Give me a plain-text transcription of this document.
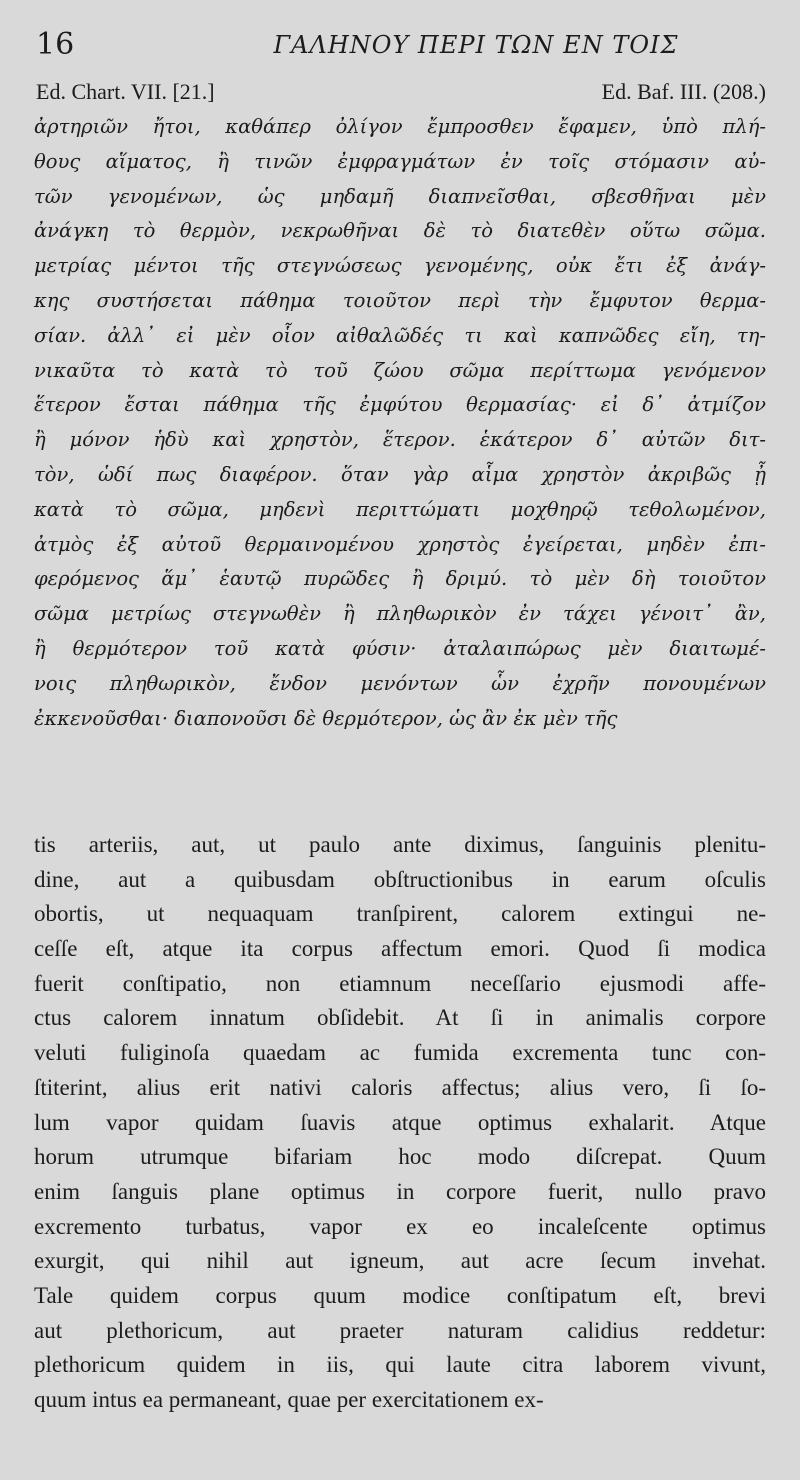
16	ΓΑΛΗΝΟΥ ΠΕΡΙ ΤΩΝ ΕΝ ΤΟΙΣ
Ed. Chart. VII. [21.]	Ed. Baf. III. (208.)
ἀρτηριῶν ἤτοι, καθάπερ ὀλίγον ἔμπροσθεν ἔφαμεν, ὑπὸ πλή-
θους αἵματος, ἢ τινῶν ἐμφραγμάτων ἐν τοῖς στόμασιν αὐ-
τῶν γενομένων, ὡς μηδαμῆ διαπνεῖσθαι, σβεσθῆναι μὲν
ἀνάγκη τὸ θερμὸν, νεκρωθῆναι δὲ τὸ διατεθὲν οὕτω σῶμα.
μετρίας μέντοι τῆς στεγνώσεως γενομένης, οὐκ ἔτι ἐξ ἀνάγ-
κης συστήσεται πάθημα τοιοῦτον περὶ τὴν ἔμφυτον θερμα-
σίαν. ἀλλ᾽ εἰ μὲν οἷον αἰθαλῶδές τι καὶ καπνῶδες εἴη, τη-
νικαῦτα τὸ κατὰ τὸ τοῦ ζώου σῶμα περίττωμα γενόμενον
ἕτερον ἔσται πάθημα τῆς ἐμφύτου θερμασίας· εἰ δ᾽ ἀτμίζον
ἢ μόνον ἡδὺ καὶ χρηστὸν, ἕτερον. ἑκάτερον δ᾽ αὐτῶν διτ-
τὸν, ὡδί πως διαφέρον. ὅταν γὰρ αἷμα χρηστὸν ἀκριβῶς ᾖ
κατὰ τὸ σῶμα, μηδενὶ περιττώματι μοχθηρῷ τεθολωμένον,
ἀτμὸς ἐξ αὐτοῦ θερμαινομένου χρηστὸς ἐγείρεται, μηδὲν ἐπι-
φερόμενος ἅμ᾽ ἑαυτῷ πυρῶδες ἢ δριμύ. τὸ μὲν δὴ τοιοῦτον
σῶμα μετρίως στεγνωθὲν ἢ πληθωρικὸν ἐν τάχει γένοιτ᾽ ἂν,
ἢ θερμότερον τοῦ κατὰ φύσιν· ἀταλαιπώρως μὲν διαιτωμέ-
νοις πληθωρικὸν, ἔνδον μενόντων ὧν ἐχρῆν πονουμένων
ἐκκενοῦσθαι· διαπονοῦσι δὲ θερμότερον, ὡς ἂν ἐκ μὲν τῆς
tis arteriis, aut, ut paulo ante diximus, ſanguinis plenitu-
dine, aut a quibusdam obſtructionibus in earum oſculis
obortis, ut nequaquam tranſpirent, calorem extingui ne-
ceſſe eſt, atque ita corpus affectum emori. Quod ſi modica
fuerit conſtipatio, non etiamnum neceſſario ejusmodi affe-
ctus calorem innatum obſidebit. At ſi in animalis corpore
veluti fuliginoſa quaedam ac fumida excrementa tunc con-
ſtiterint, alius erit nativi caloris affectus; alius vero, ſi ſo-
lum vapor quidam ſuavis atque optimus exhalarit. Atque
horum utrumque bifariam hoc modo diſcrepat. Quum
enim ſanguis plane optimus in corpore fuerit, nullo pravo
excremento turbatus, vapor ex eo incaleſcente optimus
exurgit, qui nihil aut igneum, aut acre ſecum invehat.
Tale quidem corpus quum modice conſtipatum eſt, brevi
aut plethoricum, aut praeter naturam calidius reddetur:
plethoricum quidem in iis, qui laute citra laborem vivunt,
quum intus ea permaneant, quae per exercitationem ex-
